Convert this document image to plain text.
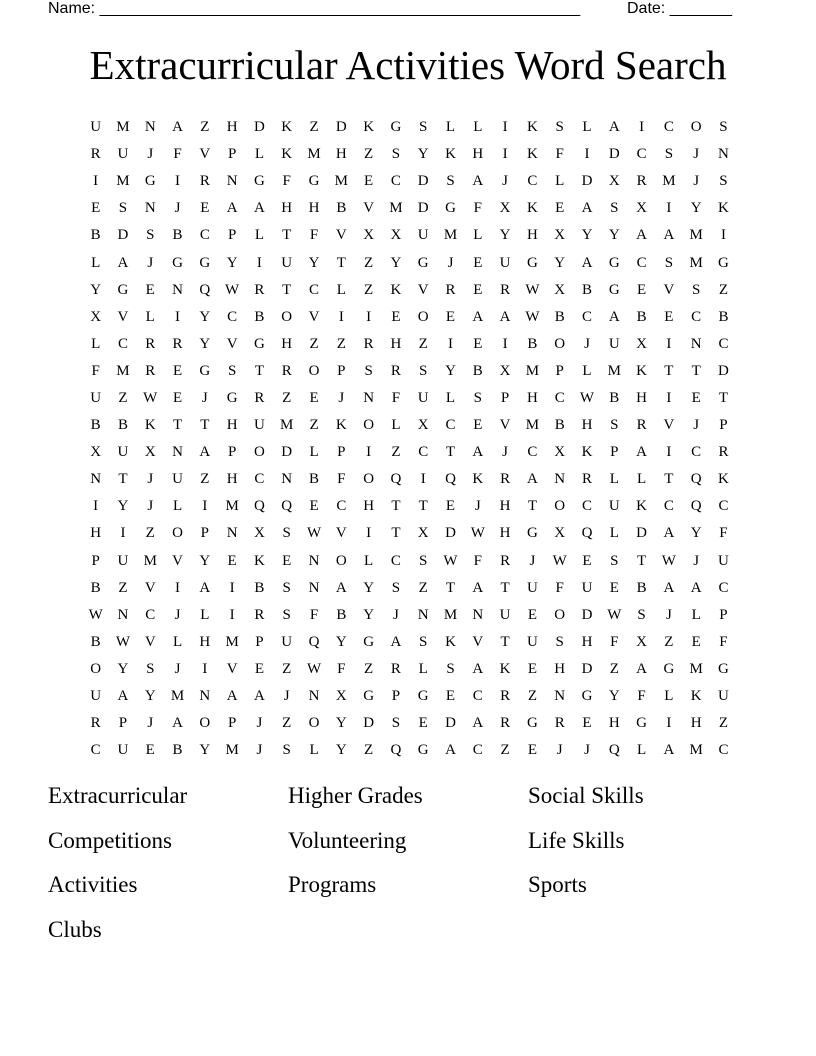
Name: ______________________________________________________	Date: _______
Extracurricular Activities Word Search
U	M	N	A	Z	H	D	K	Z	D	K	G	S	L	L	I	K	S	L	A	I	C	O	S
R	U	J	F	V	P	L	K	M	H	Z	S	Y	K	H	I	K	F	I	D	C	S	J	N
I	M	G	I	R	N	G	F	G	M	E	C	D	S	A	J	C	L	D	X	R	M	J	S
E	S	N	J	E	A	A	H	H	B	V	M	D	G	F	X	K	E	A	S	X	I	Y	K
B	D	S	B	C	P	L	T	F	V	X	X	U	M	L	Y	H	X	Y	Y	A	A	M	I
L	A	J	G	G	Y	I	U	Y	T	Z	Y	G	J	E	U	G	Y	A	G	C	S	M	G
Y	G	E	N	Q W	R	T	C	L	Z	K	V	R	E	R	W X	B	G	E	V	S	Z
X	V	L	I	Y	C	B	O	V	I	I	E	O	E	A	A W	B	C	A	B	E	C	B
L	C	R	R	Y	V	G	H	Z	Z	R	H	Z	I	E	I	B	O	J	U	X	I	N	C
F	M	R	E	G	S	T	R	O	P	S	R	S	Y	B	X	M	P	L	M	K	T	T	D
U	Z	W	E	J	G	R	Z	E	J	N	F	U	L	S	P	H	C	W	B	H	I	E	T
B	B	K	T	T	H	U	M	Z	K	O	L	X	C	E	V	M	B	H	S	R	V	J	P
X	U	X	N	A	P	O	D	L	P	I	Z	C	T	A	J	C	X	K	P	A	I	C	R
N	T	J	U	Z	H	C	N	B	F	O	Q	I	Q	K	R	A	N	R	L	L	T	Q	K
I	Y	J	L	I	M	Q	Q	E	C	H	T	T	E	J	H	T	O	C	U	K	C	Q	C
H	I	Z	O	P	N	X	S	W V	I	T	X	D W H	G	X	Q	L	D	A	Y	F
P	U	M	V	Y	E	K	E	N	O	L	C	S	W	F	R	J	W	E	S	T	W	J	U
B	Z	V	I	A	I	B	S	N	A	Y	S	Z	T	A	T	U	F	U	E	B	A	A	C
W N	C	J	L	I	R	S	F	B	Y	J	N	M	N	U	E	O	D W	S	J	L	P
B	W V	L	H	M	P	U	Q	Y	G	A	S	K	V	T	U	S	H	F	X	Z	E	F
O	Y	S	J	I	V	E	Z	W	F	Z	R	L	S	A	K	E	H	D	Z	A	G	M	G
U	A	Y	M	N	A	A	J	N	X	G	P	G	E	C	R	Z	N	G	Y	F	L	K	U
R	P	J	A	O	P	J	Z	O	Y	D	S	E	D	A	R	G	R	E	H	G	I	H	Z
C	U	E	B	Y	M	J	S	L	Y	Z	Q	G	A	C	Z	E	J	J	Q	L	A	M	C
Extracurricular	Higher Grades	Social Skills
Competitions	Volunteering	Life Skills
Activities	Programs	Sports
Clubs
